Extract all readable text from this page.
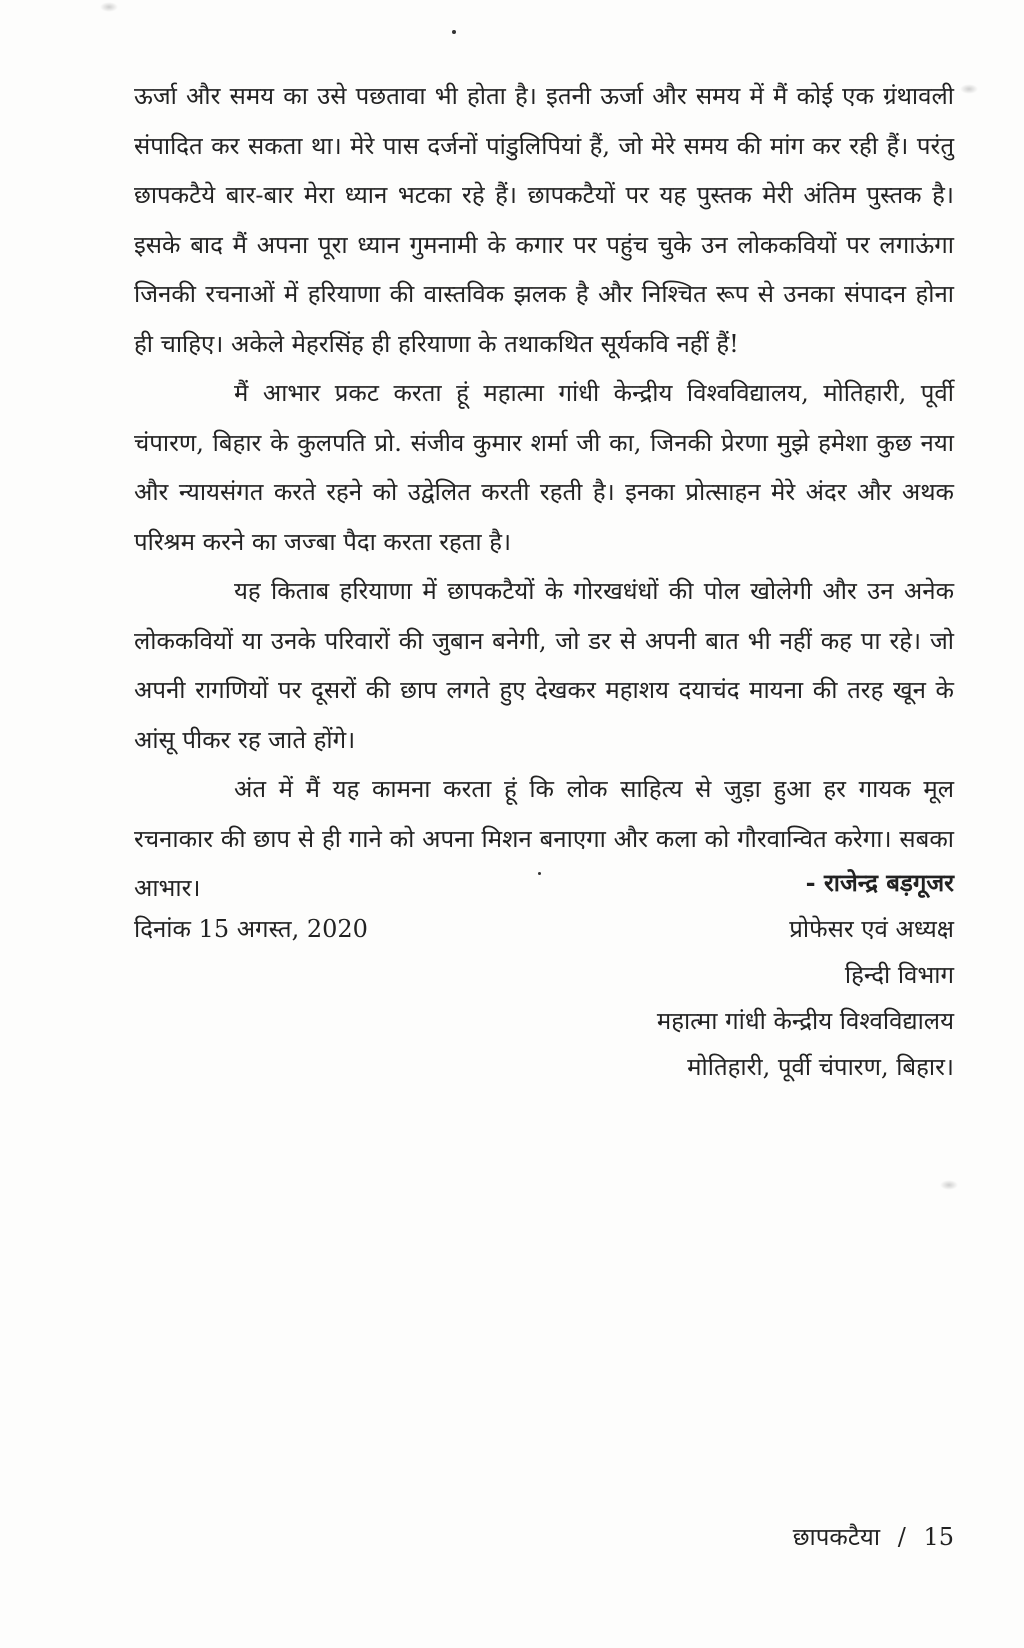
ऊर्जा और समय का उसे पछतावा भी होता है। इतनी ऊर्जा और समय में मैं कोई एक ग्रंथावली संपादित कर सकता था। मेरे पास दर्जनों पांडुलिपियां हैं, जो मेरे समय की मांग कर रही हैं। परंतु छापकटैये बार-बार मेरा ध्यान भटका रहे हैं। छापकटैयों पर यह पुस्तक मेरी अंतिम पुस्तक है। इसके बाद मैं अपना पूरा ध्यान गुमनामी के कगार पर पहुंच चुके उन लोककवियों पर लगाऊंगा जिनकी रचनाओं में हरियाणा की वास्तविक झलक है और निश्चित रूप से उनका संपादन होना ही चाहिए। अकेले मेहरसिंह ही हरियाणा के तथाकथित सूर्यकवि नहीं हैं!

मैं आभार प्रकट करता हूं महात्मा गांधी केन्द्रीय विश्वविद्यालय, मोतिहारी, पूर्वी चंपारण, बिहार के कुलपति प्रो. संजीव कुमार शर्मा जी का, जिनकी प्रेरणा मुझे हमेशा कुछ नया और न्यायसंगत करते रहने को उद्वेलित करती रहती है। इनका प्रोत्साहन मेरे अंदर और अथक परिश्रम करने का जज्बा पैदा करता रहता है।

यह किताब हरियाणा में छापकटैयों के गोरखधंधों की पोल खोलेगी और उन अनेक लोककवियों या उनके परिवारों की जुबान बनेगी, जो डर से अपनी बात भी नहीं कह पा रहे। जो अपनी रागणियों पर दूसरों की छाप लगते हुए देखकर महाशय दयाचंद मायना की तरह खून के आंसू पीकर रह जाते होंगे।

अंत में मैं यह कामना करता हूं कि लोक साहित्य से जुड़ा हुआ हर गायक मूल रचनाकार की छाप से ही गाने को अपना मिशन बनाएगा और कला को गौरवान्वित करेगा। सबका आभार।

दिनांक 15 अगस्त, 2020
- राजेन्द्र बड़गूजर
प्रोफेसर एवं अध्यक्ष
हिन्दी विभाग
महात्मा गांधी केन्द्रीय विश्वविद्यालय
मोतिहारी, पूर्वी चंपारण, बिहार।
छापकटैया / 15
